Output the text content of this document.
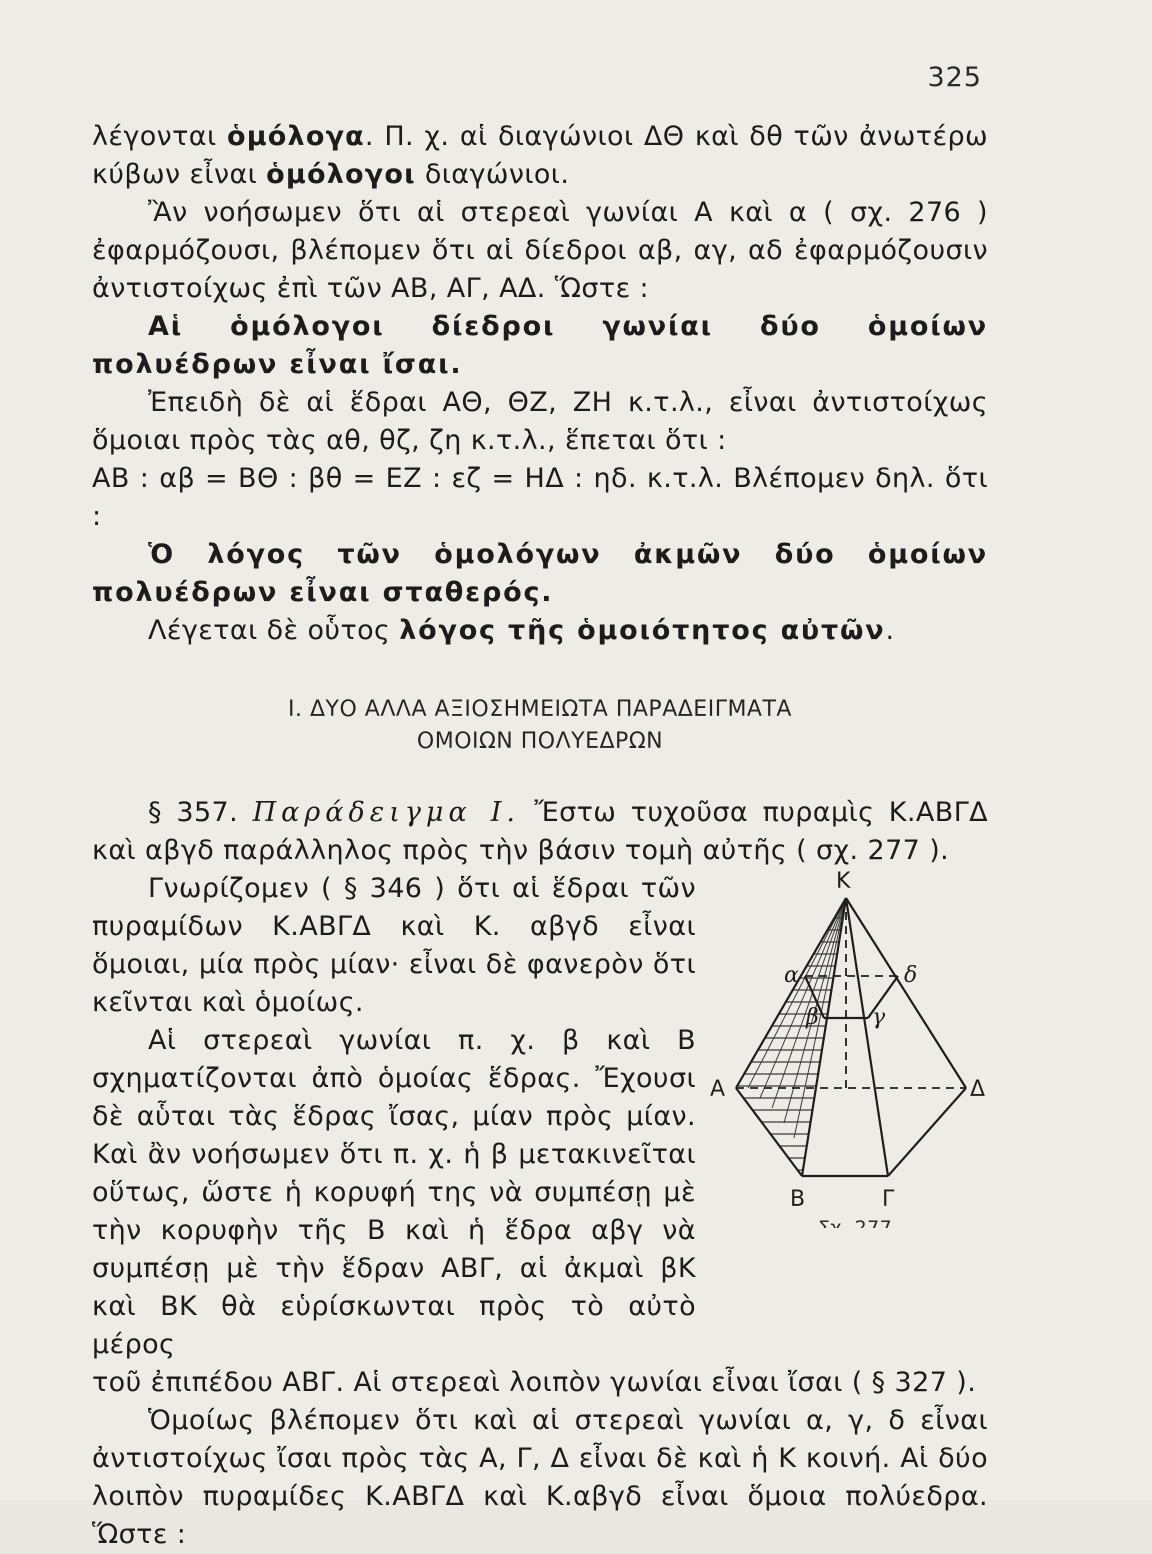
325

λέγονται ὁμόλογα. Π. χ. αἱ διαγώνιοι ΔΘ καὶ δθ τῶν ἀνωτέρω κύβων εἶναι ὁμόλογοι διαγώνιοι.

Ἂν νοήσωμεν ὅτι αἱ στερεαὶ γωνίαι Α καὶ α ( σχ. 276 ) ἐφαρμόζουσι, βλέπομεν ὅτι αἱ δίεδροι αβ, αγ, αδ ἐφαρμόζουσιν ἀντιστοίχως ἐπὶ τῶν ΑΒ, ΑΓ, ΑΔ. Ὥστε :

Αἱ ὁμόλογοι δίεδροι γωνίαι δύο ὁμοίων πολυέδρων εἶναι ἴσαι.

Ἐπειδὴ δὲ αἱ ἕδραι ΑΘ, ΘΖ, ΖΗ κ.τ.λ., εἶναι ἀντιστοίχως ὅμοιαι πρὸς τὰς αθ, θζ, ζη κ.τ.λ., ἕπεται ὅτι :

ΑΒ : αβ = ΒΘ : βθ = ΕΖ : εζ = ΗΔ : ηδ. κ.τ.λ. Βλέπομεν δηλ. ὅτι :

Ὁ λόγος τῶν ὁμολόγων ἀκμῶν δύο ὁμοίων πολυέδρων εἶναι σταθερός.

Λέγεται δὲ οὗτος λόγος τῆς ὁμοιότητος αὐτῶν.

Ι. ΔΥΟ ΑΛΛΑ ΑΞΙΟΣΗΜΕΙΩΤΑ ΠΑΡΑΔΕΙΓΜΑΤΑ
ΟΜΟΙΩΝ ΠΟΛΥΕΔΡΩΝ

§ 357. Παράδειγμα Ι. Ἔστω τυχοῦσα πυραμὶς Κ.ΑΒΓΔ καὶ αβγδ παράλληλος πρὸς τὴν βάσιν τομὴ αὐτῆς ( σχ. 277 ).

Γνωρίζομεν ( § 346 ) ὅτι αἱ ἕδραι τῶν πυραμίδων Κ.ΑΒΓΔ καὶ Κ. αβγδ εἶναι ὅμοιαι, μία πρὸς μίαν· εἶναι δὲ φανερὸν ὅτι κεῖνται καὶ ὁμοίως.

Αἱ στερεαὶ γωνίαι π. χ. β καὶ Β σχηματίζονται ἀπὸ ὁμοίας ἕδρας. Ἔχουσι δὲ αὗται τὰς ἕδρας ἴσας, μίαν πρὸς μίαν. Καὶ ἂν νοήσωμεν ὅτι π. χ. ἡ β μετακινεῖται οὕτως, ὥστε ἡ κορυφή της νὰ συμπέσῃ μὲ τὴν κορυφὴν τῆς Β καὶ ἡ ἕδρα αβγ νὰ συμπέσῃ μὲ τὴν ἕδραν ΑΒΓ, αἱ ἀκμαὶ βΚ καὶ ΒΚ θὰ εὑρίσκωνται πρὸς τὸ αὐτὸ μέρος

τοῦ ἐπιπέδου ΑΒΓ. Αἱ στερεαὶ λοιπὸν γωνίαι εἶναι ἴσαι ( § 327 ).

Ὁμοίως βλέπομεν ὅτι καὶ αἱ στερεαὶ γωνίαι α, γ, δ εἶναι ἀντιστοίχως ἴσαι πρὸς τὰς Α, Γ, Δ εἶναι δὲ καὶ ἡ Κ κοινή. Αἱ δύο λοιπὸν πυραμίδες Κ.ΑΒΓΔ καὶ Κ.αβγδ εἶναι ὅμοια πολύεδρα. Ὥστε :

Κ
Α	Δ
Β	Γ
α	δ
β γ
Σχ. 277
